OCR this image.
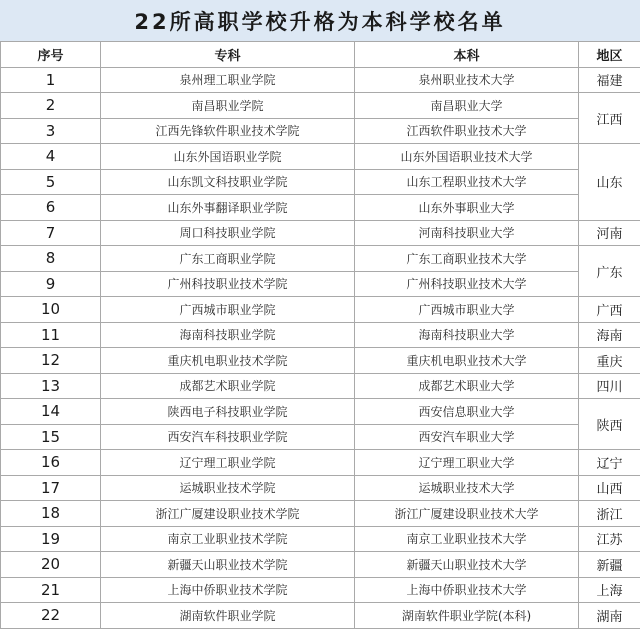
22所高职学校升格为本科学校名单
序号	专科	本科	地区
1	泉州理工职业学院	泉州职业技术大学	福建
2	南昌职业学院	南昌职业大学	江西
3	江西先锋软件职业技术学院	江西软件职业技术大学	
4	山东外国语职业学院	山东外国语职业技术大学	山东
5	山东凯文科技职业学院	山东工程职业技术大学	
6	山东外事翻译职业学院	山东外事职业大学	
7	周口科技职业学院	河南科技职业大学	河南
8	广东工商职业学院	广东工商职业技术大学	广东
9	广州科技职业技术学院	广州科技职业技术大学	
10	广西城市职业学院	广西城市职业大学	广西
11	海南科技职业学院	海南科技职业大学	海南
12	重庆机电职业技术学院	重庆机电职业技术大学	重庆
13	成都艺术职业学院	成都艺术职业大学	四川
14	陕西电子科技职业学院	西安信息职业大学	陕西
15	西安汽车科技职业学院	西安汽车职业大学	
16	辽宁理工职业学院	辽宁理工职业大学	辽宁
17	运城职业技术学院	运城职业技术大学	山西
18	浙江广厦建设职业技术学院	浙江广厦建设职业技术大学	浙江
19	南京工业职业技术学院	南京工业职业技术大学	江苏
20	新疆天山职业技术学院	新疆天山职业技术大学	新疆
21	上海中侨职业技术学院	上海中侨职业技术大学	上海
22	湖南软件职业学院	湖南软件职业学院(本科)	湖南
